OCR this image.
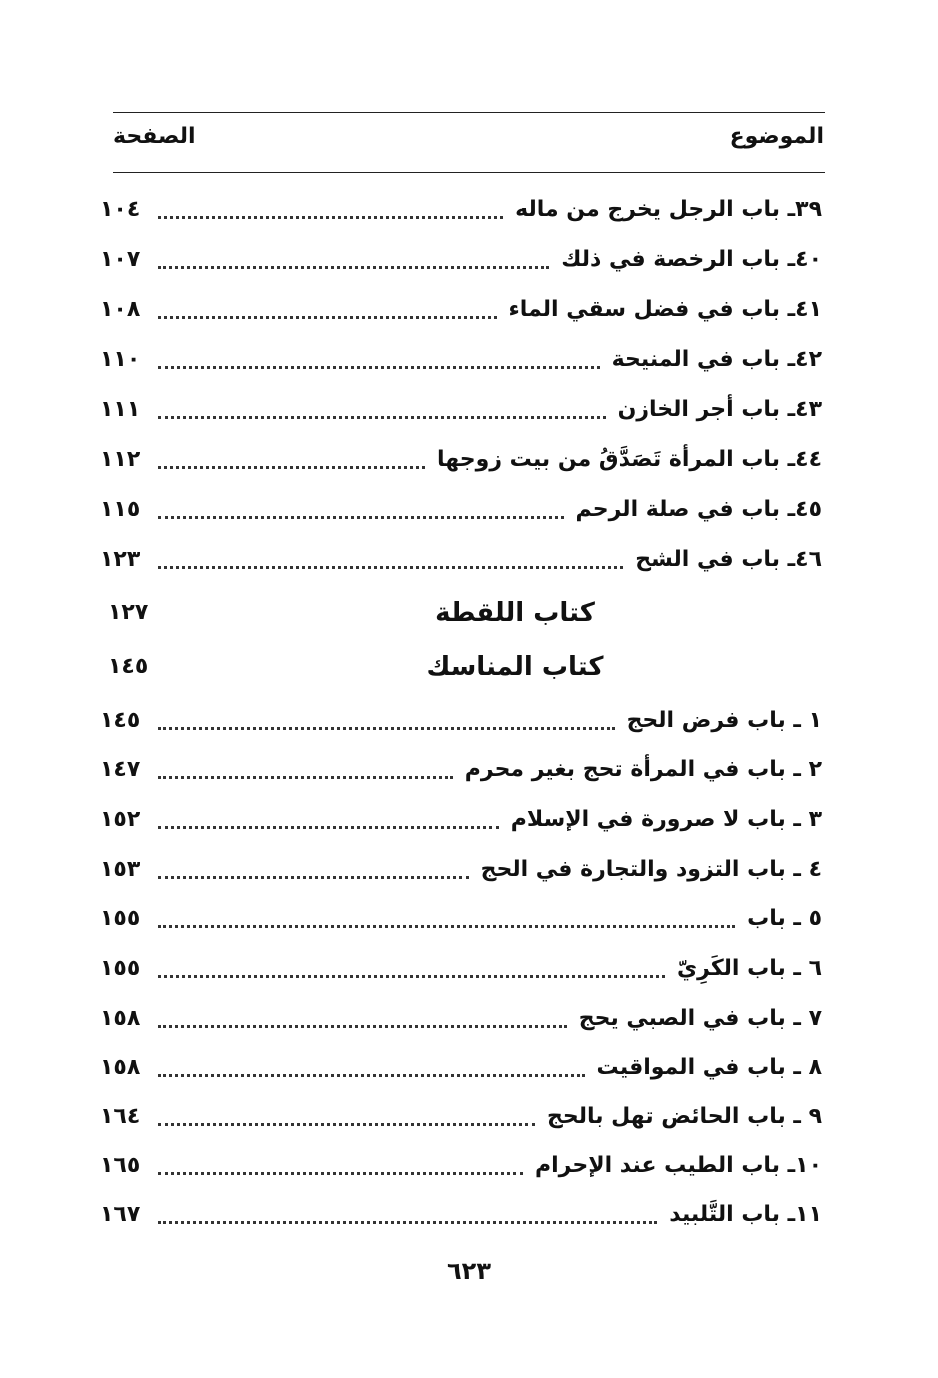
الموضوع
الصفحة
٣٩ـ باب الرجل يخرج من ماله
١٠٤
٤٠ـ باب الرخصة في ذلك
١٠٧
٤١ـ باب في فضل سقي الماء
١٠٨
٤٢ـ باب في المنيحة
١١٠
٤٣ـ باب أجر الخازن
١١١
٤٤ـ باب المرأة تَصَدَّقُ من بيت زوجها
١١٢
٤٥ـ باب في صلة الرحم
١١٥
٤٦ـ باب في الشح
١٢٣
كتاب اللقطة
١٢٧
كتاب المناسك
١٤٥
١ ـ باب فرض الحج
١٤٥
٢ ـ باب في المرأة تحج بغير محرم
١٤٧
٣ ـ باب لا صرورة في الإسلام
١٥٢
٤ ـ باب التزود والتجارة في الحج
١٥٣
٥ ـ باب
١٥٥
٦ ـ باب الكَرِيّ
١٥٥
٧ ـ باب في الصبي يحج
١٥٨
٨ ـ باب في المواقيت
١٥٨
٩ ـ باب الحائض تهل بالحج
١٦٤
١٠ـ باب الطيب عند الإحرام
١٦٥
١١ـ باب التَّلبيد
١٦٧
٦٢٣
